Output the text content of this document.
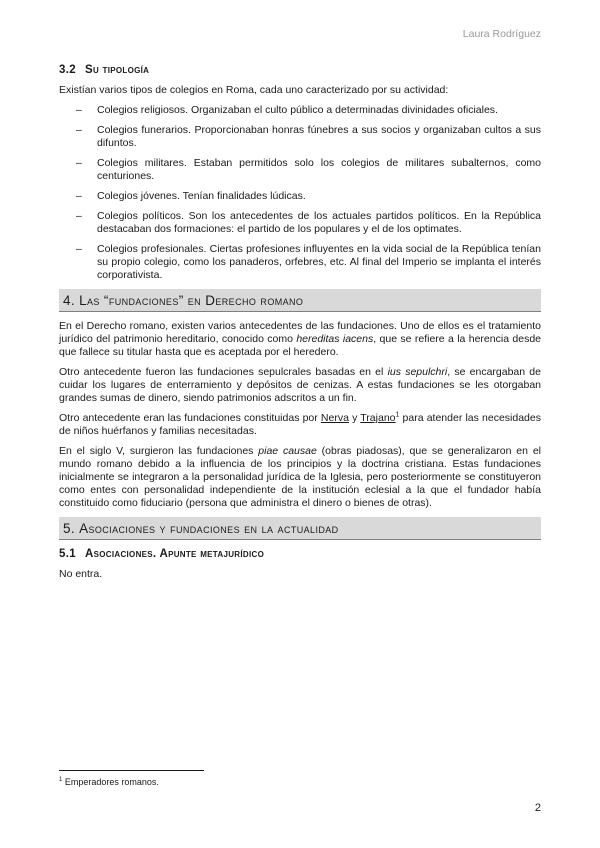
Laura Rodríguez
3.2 Su tipología

Existían varios tipos de colegios en Roma, cada uno caracterizado por su actividad:

– Colegios religiosos. Organizaban el culto público a determinadas divinidades oficiales.
– Colegios funerarios. Proporcionaban honras fúnebres a sus socios y organizaban cultos a sus difuntos.
– Colegios militares. Estaban permitidos solo los colegios de militares subalternos, como centuriones.
– Colegios jóvenes. Tenían finalidades lúdicas.
– Colegios políticos. Son los antecedentes de los actuales partidos políticos. En la República destacaban dos formaciones: el partido de los populares y el de los optimates.
– Colegios profesionales. Ciertas profesiones influyentes en la vida social de la República tenían su propio colegio, como los panaderos, orfebres, etc. Al final del Imperio se implanta el interés corporativista.
4. Las “fundaciones” en Derecho romano

En el Derecho romano, existen varios antecedentes de las fundaciones. Uno de ellos es el tratamiento jurídico del patrimonio hereditario, conocido como hereditas iacens, que se refiere a la herencia desde que fallece su titular hasta que es aceptada por el heredero.

Otro antecedente fueron las fundaciones sepulcrales basadas en el ius sepulchri, se encargaban de cuidar los lugares de enterramiento y depósitos de cenizas. A estas fundaciones se les otorgaban grandes sumas de dinero, siendo patrimonios adscritos a un fin.

Otro antecedente eran las fundaciones constituidas por Nerva y Trajano$^1$ para atender las necesidades de niños huérfanos y familias necesitadas.

En el siglo V, surgieron las fundaciones piae causae (obras piadosas), que se generalizaron en el mundo romano debido a la influencia de los principios y la doctrina cristiana. Estas fundaciones inicialmente se integraron a la personalidad jurídica de la Iglesia, pero posteriormente se constituyeron como entes con personalidad independiente de la institución eclesial a la que el fundador había constituido como fiduciario (persona que administra el dinero o bienes de otras).

5. Asociaciones y fundaciones en la actualidad
5.1 Asociaciones. Apunte metajurídico

No entra.

$^1$ Emperadores romanos.
2
